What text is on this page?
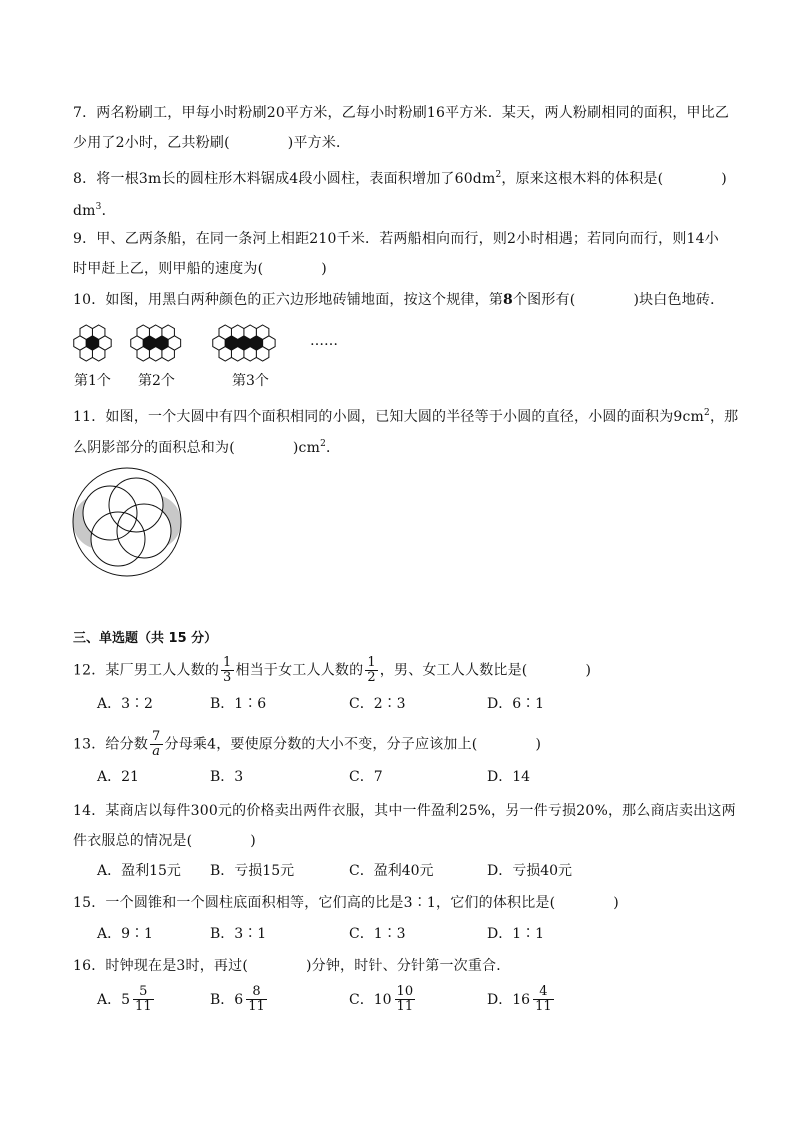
7．两名粉刷工，甲每小时粉刷20平方米，乙每小时粉刷16平方米．某天，两人粉刷相同的面积，甲比乙
少用了2小时，乙共粉刷(	)平方米．
8．将一根3m长的圆柱形木料锯成4段小圆柱，表面积增加了$60dm^2$，原来这根木料的体积是(	)
$dm^3$．
9．甲、乙两条船，在同一条河上相距210千米．若两船相向而行，则2小时相遇；若同向而行，则14小
时甲赶上乙，则甲船的速度为(	)
10．如图，用黑白两种颜色的正六边形地砖铺地面，按这个规律，第8个图形有(	)块白色地砖．
……
第1个 第2个	第3个
11．如图，一个大圆中有四个面积相同的小圆，已知大圆的半径等于小圆的直径，小圆的面积为$9cm^2$，那
么阴影部分的面积总和为(	)$cm^2$．
三、单选题（共 15 分）
12．某厂男工人人数的 $\frac{1}{3}$ 相当于女工人人数的 $\frac{1}{2}$ ，男、女工人人数比是(	)
A．3∶2	B．1∶6	C．2∶3	D．6∶1
13．给分数 $\frac{7}{a}$ 分母乘4，要使原分数的大小不变，分子应该加上(	)
A．21	B．3	C．7	D．14
14．某商店以每件300元的价格卖出两件衣服，其中一件盈利25%，另一件亏损20%，那么商店卖出这两
件衣服总的情况是(	)
A．盈利15元 B．亏损15元	C．盈利40元	D．亏损40元
15．一个圆锥和一个圆柱底面积相等，它们高的比是3∶1，它们的体积比是(	)
A．9∶1	B．3∶1	C．1∶3	D．1∶1
16．时钟现在是3时，再过(	)分钟，时针、分针第一次重合．
A． $5 \frac{5}{11}$	B． $6 \frac{8}{11}$	C． $10 \frac{10}{11}$	D． $16 \frac{4}{11}$
